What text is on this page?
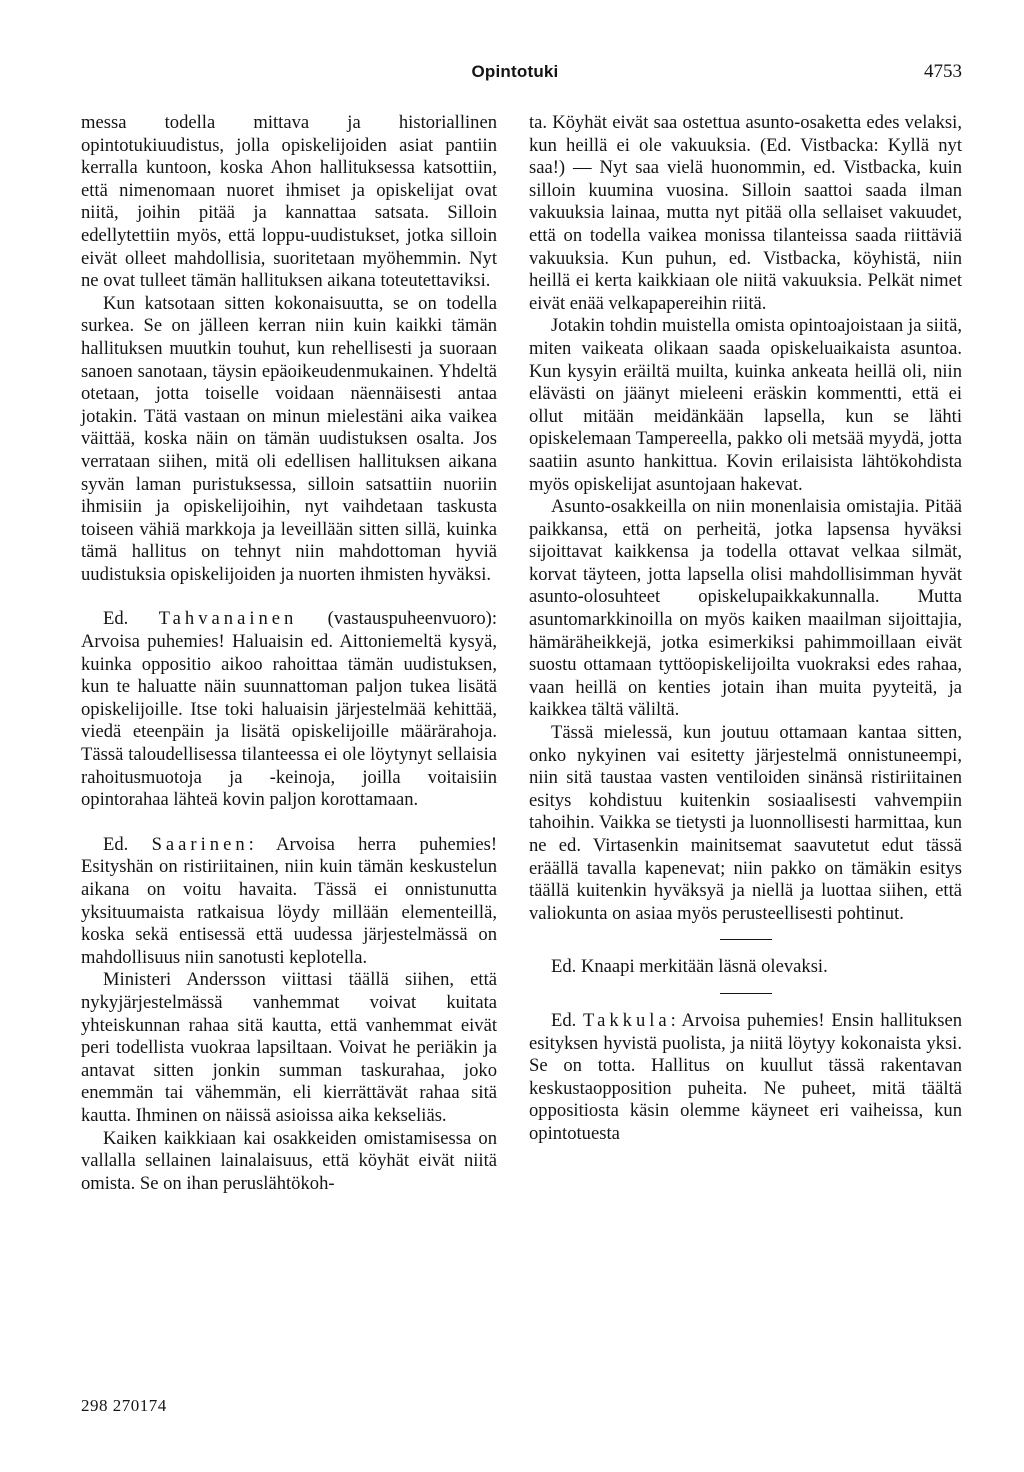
Opintotuki	4753

messa todella mittava ja historiallinen opintotukiuudistus, jolla opiskelijoiden asiat pantiin kerralla kuntoon, koska Ahon hallituksessa katsottiin, että nimenomaan nuoret ihmiset ja opiskelijat ovat niitä, joihin pitää ja kannattaa satsata. Silloin edellytettiin myös, että loppu-uudistukset, jotka silloin eivät olleet mahdollisia, suoritetaan myöhemmin. Nyt ne ovat tulleet tämän hallituksen aikana toteutettaviksi.

Kun katsotaan sitten kokonaisuutta, se on todella surkea. Se on jälleen kerran niin kuin kaikki tämän hallituksen muutkin touhut, kun rehellisesti ja suoraan sanoen sanotaan, täysin epäoikeudenmukainen. Yhdeltä otetaan, jotta toiselle voidaan näennäisesti antaa jotakin. Tätä vastaan on minun mielestäni aika vaikea väittää, koska näin on tämän uudistuksen osalta. Jos verrataan siihen, mitä oli edellisen hallituksen aikana syvän laman puristuksessa, silloin satsattiin nuoriin ihmisiin ja opiskelijoihin, nyt vaihdetaan taskusta toiseen vähiä markkoja ja leveillään sitten sillä, kuinka tämä hallitus on tehnyt niin mahdottoman hyviä uudistuksia opiskelijoiden ja nuorten ihmisten hyväksi.

Ed. Tahvanainen (vastauspuheenvuoro): Arvoisa puhemies! Haluaisin ed. Aittoniemeltä kysyä, kuinka oppositio aikoo rahoittaa tämän uudistuksen, kun te haluatte näin suunnattoman paljon tukea lisätä opiskelijoille. Itse toki haluaisin järjestelmää kehittää, viedä eteenpäin ja lisätä opiskelijoille määrärahoja. Tässä taloudellisessa tilanteessa ei ole löytynyt sellaisia rahoitusmuotoja ja -keinoja, joilla voitaisiin opintorahaa lähteä kovin paljon korottamaan.

Ed. Saarinen: Arvoisa herra puhemies! Esityshän on ristiriitainen, niin kuin tämän keskustelun aikana on voitu havaita. Tässä ei onnistunutta yksituumaista ratkaisua löydy millään elementeillä, koska sekä entisessä että uudessa järjestelmässä on mahdollisuus niin sanotusti keplotella.

Ministeri Andersson viittasi täällä siihen, että nykyjärjestelmässä vanhemmat voivat kuitata yhteiskunnan rahaa sitä kautta, että vanhemmat eivät peri todellista vuokraa lapsiltaan. Voivat he periäkin ja antavat sitten jonkin summan taskurahaa, joko enemmän tai vähemmän, eli kierrättävät rahaa sitä kautta. Ihminen on näissä asioissa aika kekseliäs.

Kaiken kaikkiaan kai osakkeiden omistamisessa on vallalla sellainen lainalaisuus, että köyhät eivät niitä omista. Se on ihan peruslähtökoh-

ta. Köyhät eivät saa ostettua asunto-osaketta edes velaksi, kun heillä ei ole vakuuksia. (Ed. Vistbacka: Kyllä nyt saa!) — Nyt saa vielä huonommin, ed. Vistbacka, kuin silloin kuumina vuosina. Silloin saattoi saada ilman vakuuksia lainaa, mutta nyt pitää olla sellaiset vakuudet, että on todella vaikea monissa tilanteissa saada riittäviä vakuuksia. Kun puhun, ed. Vistbacka, köyhistä, niin heillä ei kerta kaikkiaan ole niitä vakuuksia. Pelkät nimet eivät enää velkapapereihin riitä.

Jotakin tohdin muistella omista opintoajoistaan ja siitä, miten vaikeata olikaan saada opiskeluaikaista asuntoa. Kun kysyin eräiltä muilta, kuinka ankeata heillä oli, niin elävästi on jäänyt mieleeni eräskin kommentti, että ei ollut mitään meidänkään lapsella, kun se lähti opiskelemaan Tampereella, pakko oli metsää myydä, jotta saatiin asunto hankittua. Kovin erilaisista lähtökohdista myös opiskelijat asuntojaan hakevat.

Asunto-osakkeilla on niin monenlaisia omistajia. Pitää paikkansa, että on perheitä, jotka lapsensa hyväksi sijoittavat kaikkensa ja todella ottavat velkaa silmät, korvat täyteen, jotta lapsella olisi mahdollisimman hyvät asunto-olosuhteet opiskelupaikkakunnalla. Mutta asuntomarkkinoilla on myös kaiken maailman sijoittajia, hämäräheikkejä, jotka esimerkiksi pahimmoillaan eivät suostu ottamaan tyttöopiskelijoilta vuokraksi edes rahaa, vaan heillä on kenties jotain ihan muita pyyteitä, ja kaikkea tältä väliltä.

Tässä mielessä, kun joutuu ottamaan kantaa sitten, onko nykyinen vai esitetty järjestelmä onnistuneempi, niin sitä taustaa vasten ventiloiden sinänsä ristiriitainen esitys kohdistuu kuitenkin sosiaalisesti vahvempiin tahoihin. Vaikka se tietysti ja luonnollisesti harmittaa, kun ne ed. Virtasenkin mainitsemat saavutetut edut tässä eräällä tavalla kapenevat; niin pakko on tämäkin esitys täällä kuitenkin hyväksyä ja niellä ja luottaa siihen, että valiokunta on asiaa myös perusteellisesti pohtinut.

Ed. Knaapi merkitään läsnä olevaksi.

Ed. Takkula: Arvoisa puhemies! Ensin hallituksen esityksen hyvistä puolista, ja niitä löytyy kokonaista yksi. Se on totta. Hallitus on kuullut tässä rakentavan keskustaopposition puheita. Ne puheet, mitä täältä oppositiosta käsin olemme käyneet eri vaiheissa, kun opintotuesta

298 270174
